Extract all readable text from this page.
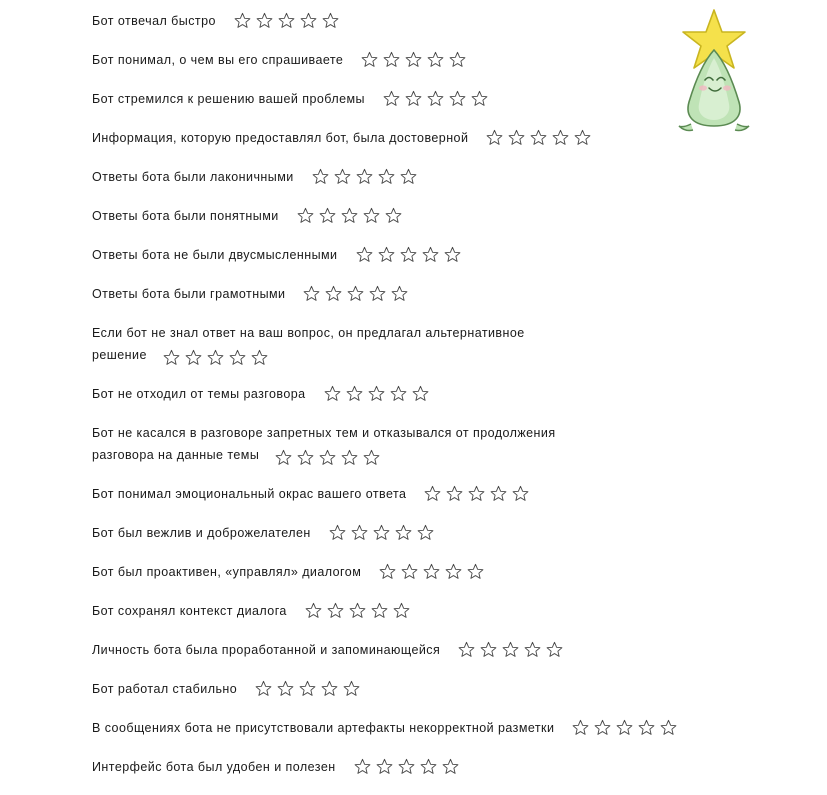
Бот отвечал быстро
Бот понимал, о чем вы его спрашиваете
Бот стремился к решению вашей проблемы
Информация, которую предоставлял бот, была достоверной
Ответы бота были лаконичными
Ответы бота были понятными
Ответы бота не были двусмысленными
Ответы бота были грамотными
Если бот не знал ответ на ваш вопрос, он предлагал альтернативное
решение
Бот не отходил от темы разговора
Бот не касался в разговоре запретных тем и отказывался от продолжения
разговора на данные темы
Бот понимал эмоциональный окрас вашего ответа
Бот был вежлив и доброжелателен
Бот был проактивен, «управлял» диалогом
Бот сохранял контекст диалога
Личность бота была проработанной и запоминающейся
Бот работал стабильно
В сообщениях бота не присутствовали артефакты некорректной разметки
Интерфейс бота был удобен и полезен
